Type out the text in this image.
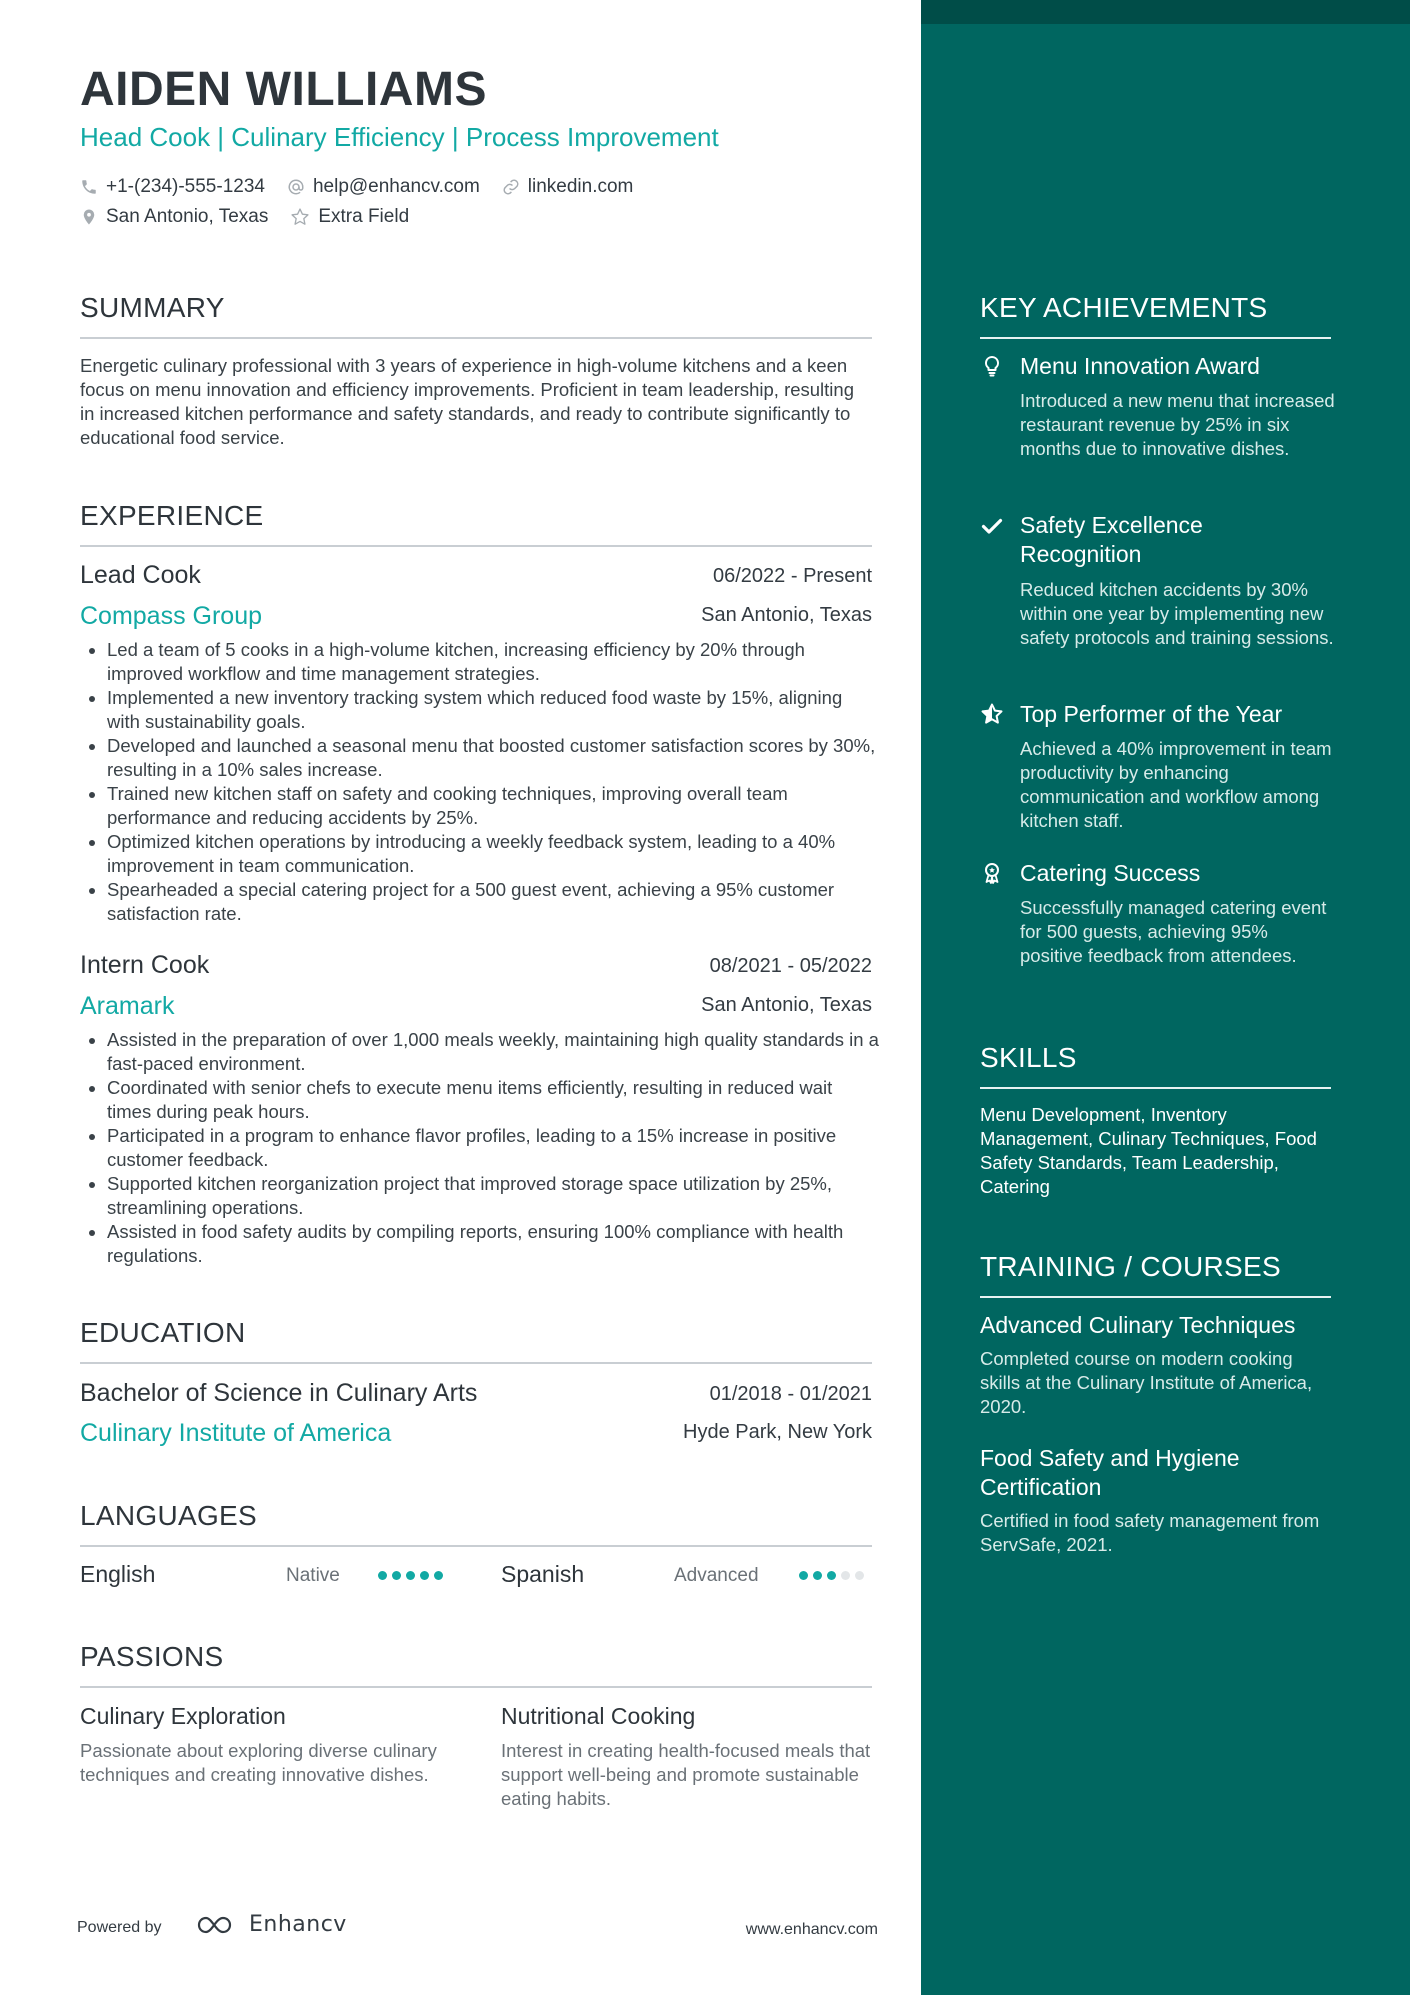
AIDEN WILLIAMS
Head Cook | Culinary Efficiency | Process Improvement
+1-(234)-555-1234	help@enhancv.com	linkedin.com
San Antonio, Texas	Extra Field
SUMMARY
Energetic culinary professional with 3 years of experience in high-volume kitchens and a keen focus on menu innovation and efficiency improvements. Proficient in team leadership, resulting in increased kitchen performance and safety standards, and ready to contribute significantly to educational food service.
EXPERIENCE
Lead Cook	06/2022 - Present
Compass Group	San Antonio, Texas
Led a team of 5 cooks in a high-volume kitchen, increasing efficiency by 20% through improved workflow and time management strategies.
Implemented a new inventory tracking system which reduced food waste by 15%, aligning with sustainability goals.
Developed and launched a seasonal menu that boosted customer satisfaction scores by 30%, resulting in a 10% sales increase.
Trained new kitchen staff on safety and cooking techniques, improving overall team performance and reducing accidents by 25%.
Optimized kitchen operations by introducing a weekly feedback system, leading to a 40% improvement in team communication.
Spearheaded a special catering project for a 500 guest event, achieving a 95% customer satisfaction rate.
Intern Cook	08/2021 - 05/2022
Aramark	San Antonio, Texas
Assisted in the preparation of over 1,000 meals weekly, maintaining high quality standards in a fast-paced environment.
Coordinated with senior chefs to execute menu items efficiently, resulting in reduced wait times during peak hours.
Participated in a program to enhance flavor profiles, leading to a 15% increase in positive customer feedback.
Supported kitchen reorganization project that improved storage space utilization by 25%, streamlining operations.
Assisted in food safety audits by compiling reports, ensuring 100% compliance with health regulations.
EDUCATION
Bachelor of Science in Culinary Arts	01/2018 - 01/2021
Culinary Institute of America	Hyde Park, New York
LANGUAGES
English	Native	Spanish	Advanced
PASSIONS
Culinary Exploration
Passionate about exploring diverse culinary techniques and creating innovative dishes.
Nutritional Cooking
Interest in creating health-focused meals that support well-being and promote sustainable eating habits.
KEY ACHIEVEMENTS
Menu Innovation Award
Introduced a new menu that increased restaurant revenue by 25% in six months due to innovative dishes.
Safety Excellence Recognition
Reduced kitchen accidents by 30% within one year by implementing new safety protocols and training sessions.
Top Performer of the Year
Achieved a 40% improvement in team productivity by enhancing communication and workflow among kitchen staff.
Catering Success
Successfully managed catering event for 500 guests, achieving 95% positive feedback from attendees.
SKILLS
Menu Development, Inventory Management, Culinary Techniques, Food Safety Standards, Team Leadership, Catering
TRAINING / COURSES
Advanced Culinary Techniques
Completed course on modern cooking skills at the Culinary Institute of America, 2020.
Food Safety and Hygiene Certification
Certified in food safety management from ServSafe, 2021.
Powered by	Enhancv	www.enhancv.com
